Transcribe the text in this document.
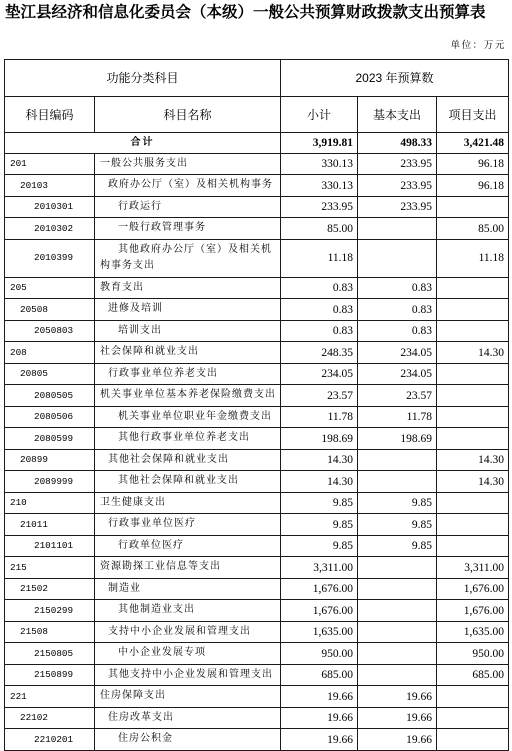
垫江县经济和信息化委员会（本级）一般公共预算财政拨款支出预算表
单位：万元
功能分类科目		2023 年预算数		
科目编码	科目名称	小计	基本支出	项目支出
合计		3,919.81	498.33	3,421.48
201	一般公共服务支出	330.13	233.95	96.18
20103	政府办公厅（室）及相关机构事务	330.13	233.95	96.18
2010301	行政运行	233.95	233.95	
2010302	一般行政管理事务	85.00		85.00
2010399	其他政府办公厅（室）及相关机构事务支出	11.18		11.18
205	教育支出	0.83	0.83	
20508	进修及培训	0.83	0.83	
2050803	培训支出	0.83	0.83	
208	社会保障和就业支出	248.35	234.05	14.30
20805	行政事业单位养老支出	234.05	234.05	
2080505	机关事业单位基本养老保险缴费支出	23.57	23.57	
2080506	机关事业单位职业年金缴费支出	11.78	11.78	
2080599	其他行政事业单位养老支出	198.69	198.69	
20899	其他社会保障和就业支出	14.30		14.30
2089999	其他社会保障和就业支出	14.30		14.30
210	卫生健康支出	9.85	9.85	
21011	行政事业单位医疗	9.85	9.85	
2101101	行政单位医疗	9.85	9.85	
215	资源勘探工业信息等支出	3,311.00		3,311.00
21502	制造业	1,676.00		1,676.00
2150299	其他制造业支出	1,676.00		1,676.00
21508	支持中小企业发展和管理支出	1,635.00		1,635.00
2150805	中小企业发展专项	950.00		950.00
2150899	其他支持中小企业发展和管理支出	685.00		685.00
221	住房保障支出	19.66	19.66	
22102	住房改革支出	19.66	19.66	
2210201	住房公积金	19.66	19.66	
